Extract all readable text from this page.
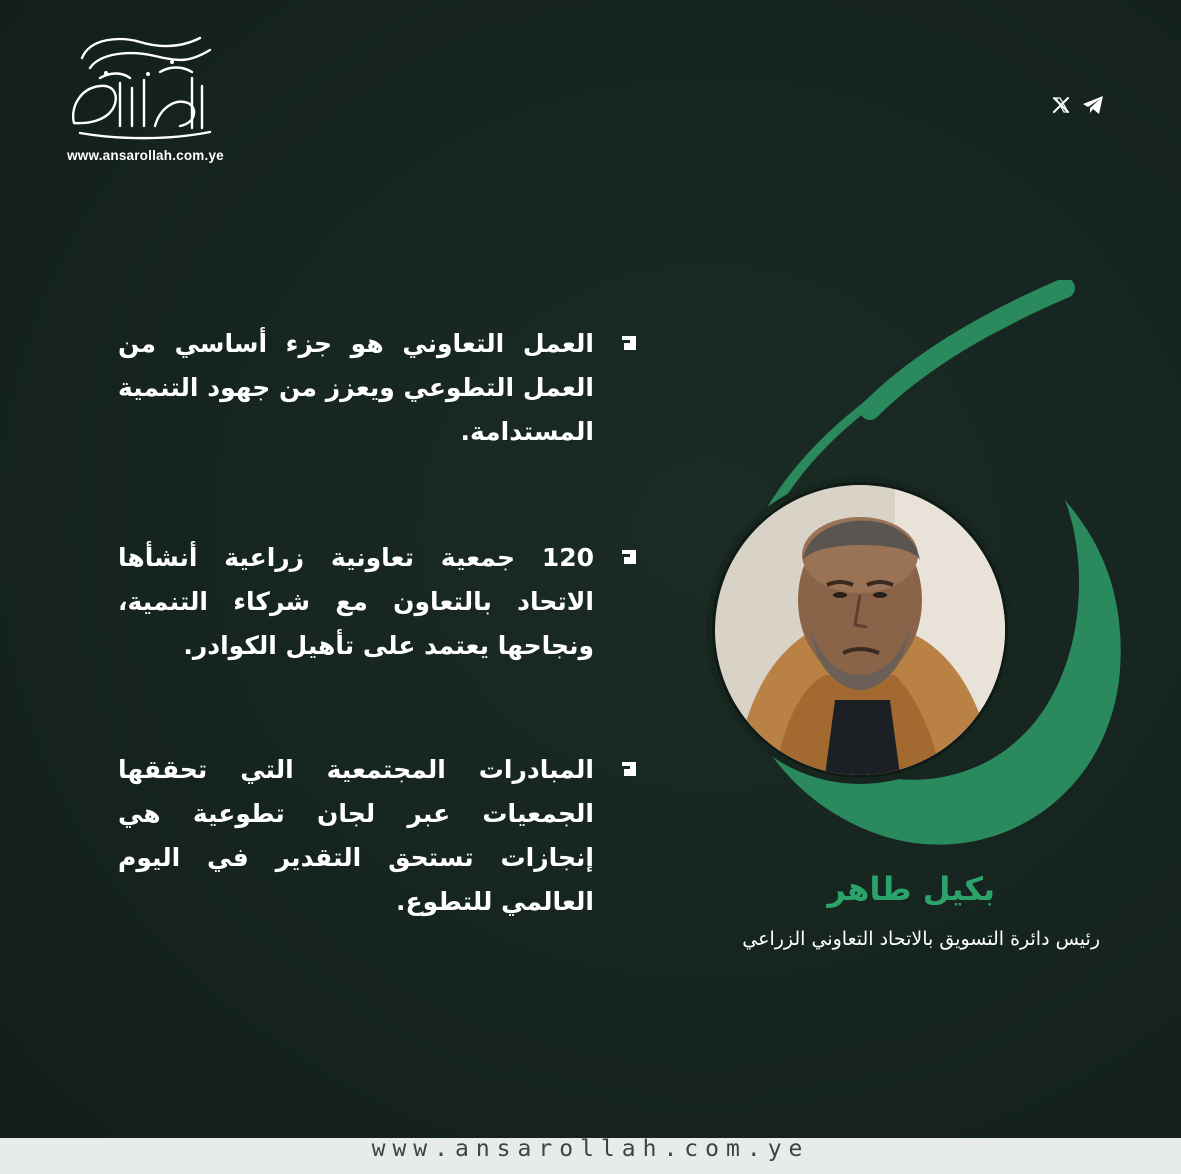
www.ansarollah.com.ye
العمل التعاوني هو جزء أساسي من العمل التطوعي ويعزز من جهود التنمية المستدامة.
120 جمعية تعاونية زراعية أنشأها الاتحاد بالتعاون مع شركاء التنمية، ونجاحها يعتمد على تأهيل الكوادر.
المبادرات المجتمعية التي تحققها الجمعيات عبر لجان تطوعية هي إنجازات تستحق التقدير في اليوم العالمي للتطوع.	بكيل طاهر
رئيس دائرة التسويق بالاتحاد التعاوني الزراعي
www.ansarollah.com.ye
